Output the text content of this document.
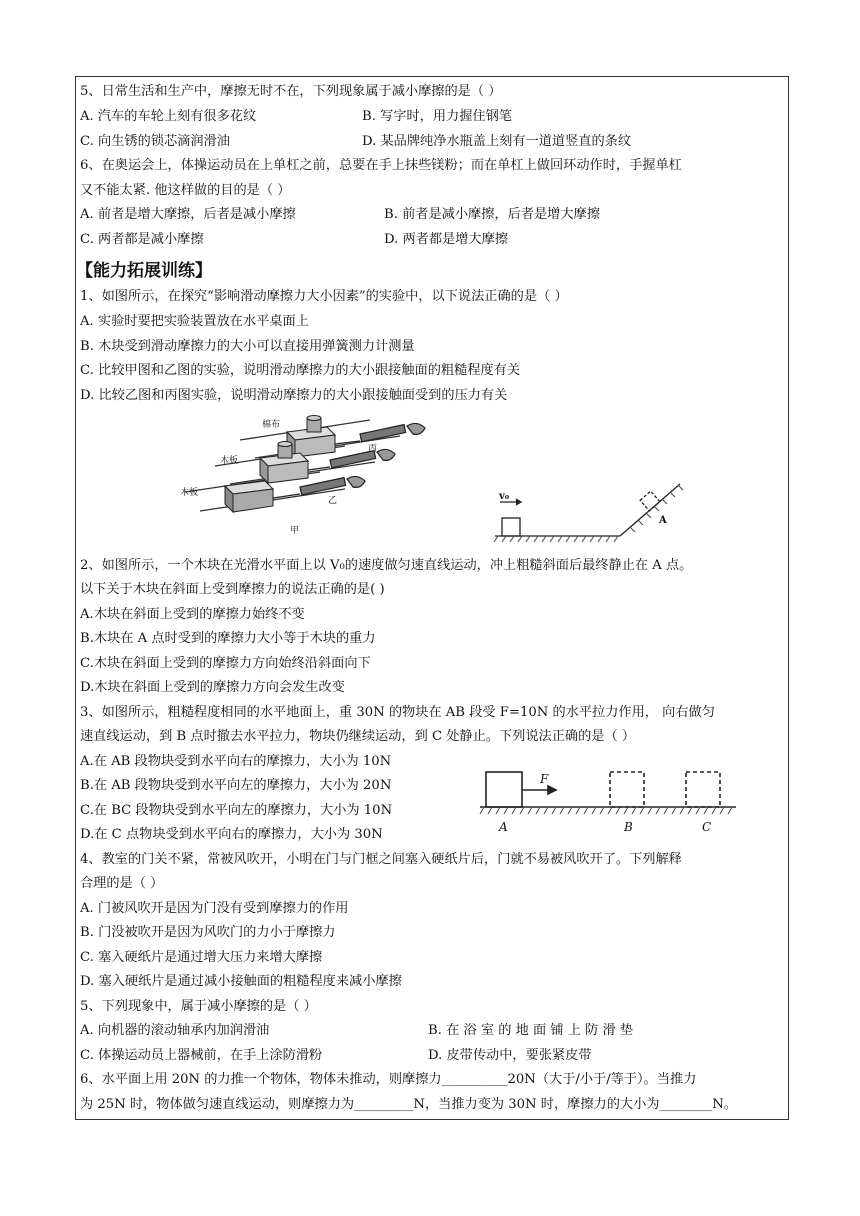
5、日常生活和生产中，摩擦无时不在，下列现象属于减小摩擦的是（ ）
A. 汽车的车轮上刻有很多花纹	B. 写字时，用力握住钢笔
C. 向生锈的锁芯滴润滑油	D. 某品牌纯净水瓶盖上刻有一道道竖直的条纹
6、在奥运会上，体操运动员在上单杠之前，总要在手上抹些镁粉；而在单杠上做回环动作时，手握单杠
又不能太紧. 他这样做的目的是（ ）
A. 前者是增大摩擦，后者是减小摩擦	B. 前者是减小摩擦，后者是增大摩擦
C. 两者都是减小摩擦	D. 两者都是增大摩擦
【能力拓展训练】
1、如图所示，在探究“影响滑动摩擦力大小因素”的实验中，以下说法正确的是（ ）
A. 实验时要把实验装置放在水平桌面上
B. 木块受到滑动摩擦力的大小可以直接用弹簧测力计测量
C. 比较甲图和乙图的实验，说明滑动摩擦力的大小跟接触面的粗糙程度有关
D. 比较乙图和丙图实验，说明滑动摩擦力的大小跟接触面受到的压力有关
棉布
木板
木板
丙
乙
甲
v₀
A
2、如图所示，一个木块在光滑水平面上以 V₀的速度做匀速直线运动，冲上粗糙斜面后最终静止在 A 点。
以下关于木块在斜面上受到摩擦力的说法正确的是( )
A.木块在斜面上受到的摩擦力始终不变
B.木块在 A 点时受到的摩擦力大小等于木块的重力
C.木块在斜面上受到的摩擦力方向始终沿斜面向下
D.木块在斜面上受到的摩擦力方向会发生改变
3、如图所示，粗糙程度相同的水平地面上，重 30N 的物块在 AB 段受 F=10N 的水平拉力作用， 向右做匀
速直线运动，到 B 点时撤去水平拉力，物块仍继续运动，到 C 处静止。下列说法正确的是（ ）
A.在 AB 段物块受到水平向右的摩擦力，大小为 10N
B.在 AB 段物块受到水平向左的摩擦力，大小为 20N
C.在 BC 段物块受到水平向左的摩擦力，大小为 10N
D.在 C 点物块受到水平向右的摩擦力，大小为 30N
F
A	B	C
4、教室的门关不紧，常被风吹开，小明在门与门框之间塞入硬纸片后，门就不易被风吹开了。下列解释
合理的是（ ）
A. 门被风吹开是因为门没有受到摩擦力的作用
B. 门没被吹开是因为风吹门的力小于摩擦力
C. 塞入硬纸片是通过增大压力来增大摩擦
D. 塞入硬纸片是通过减小接触面的粗糙程度来减小摩擦
5、下列现象中，属于减小摩擦的是（ ）
A. 向机器的滚动轴承内加润滑油	B. 在 浴 室 的 地 面 铺 上 防 滑 垫
C. 体操运动员上器械前，在手上涂防滑粉	D. 皮带传动中，要张紧皮带
6、水平面上用 20N 的力推一个物体，物体未推动，则摩擦力__________20N（大于/小于/等于）。当推力
为 25N 时，物体做匀速直线运动，则摩擦力为_________N，当推力变为 30N 时，摩擦力的大小为________N。
